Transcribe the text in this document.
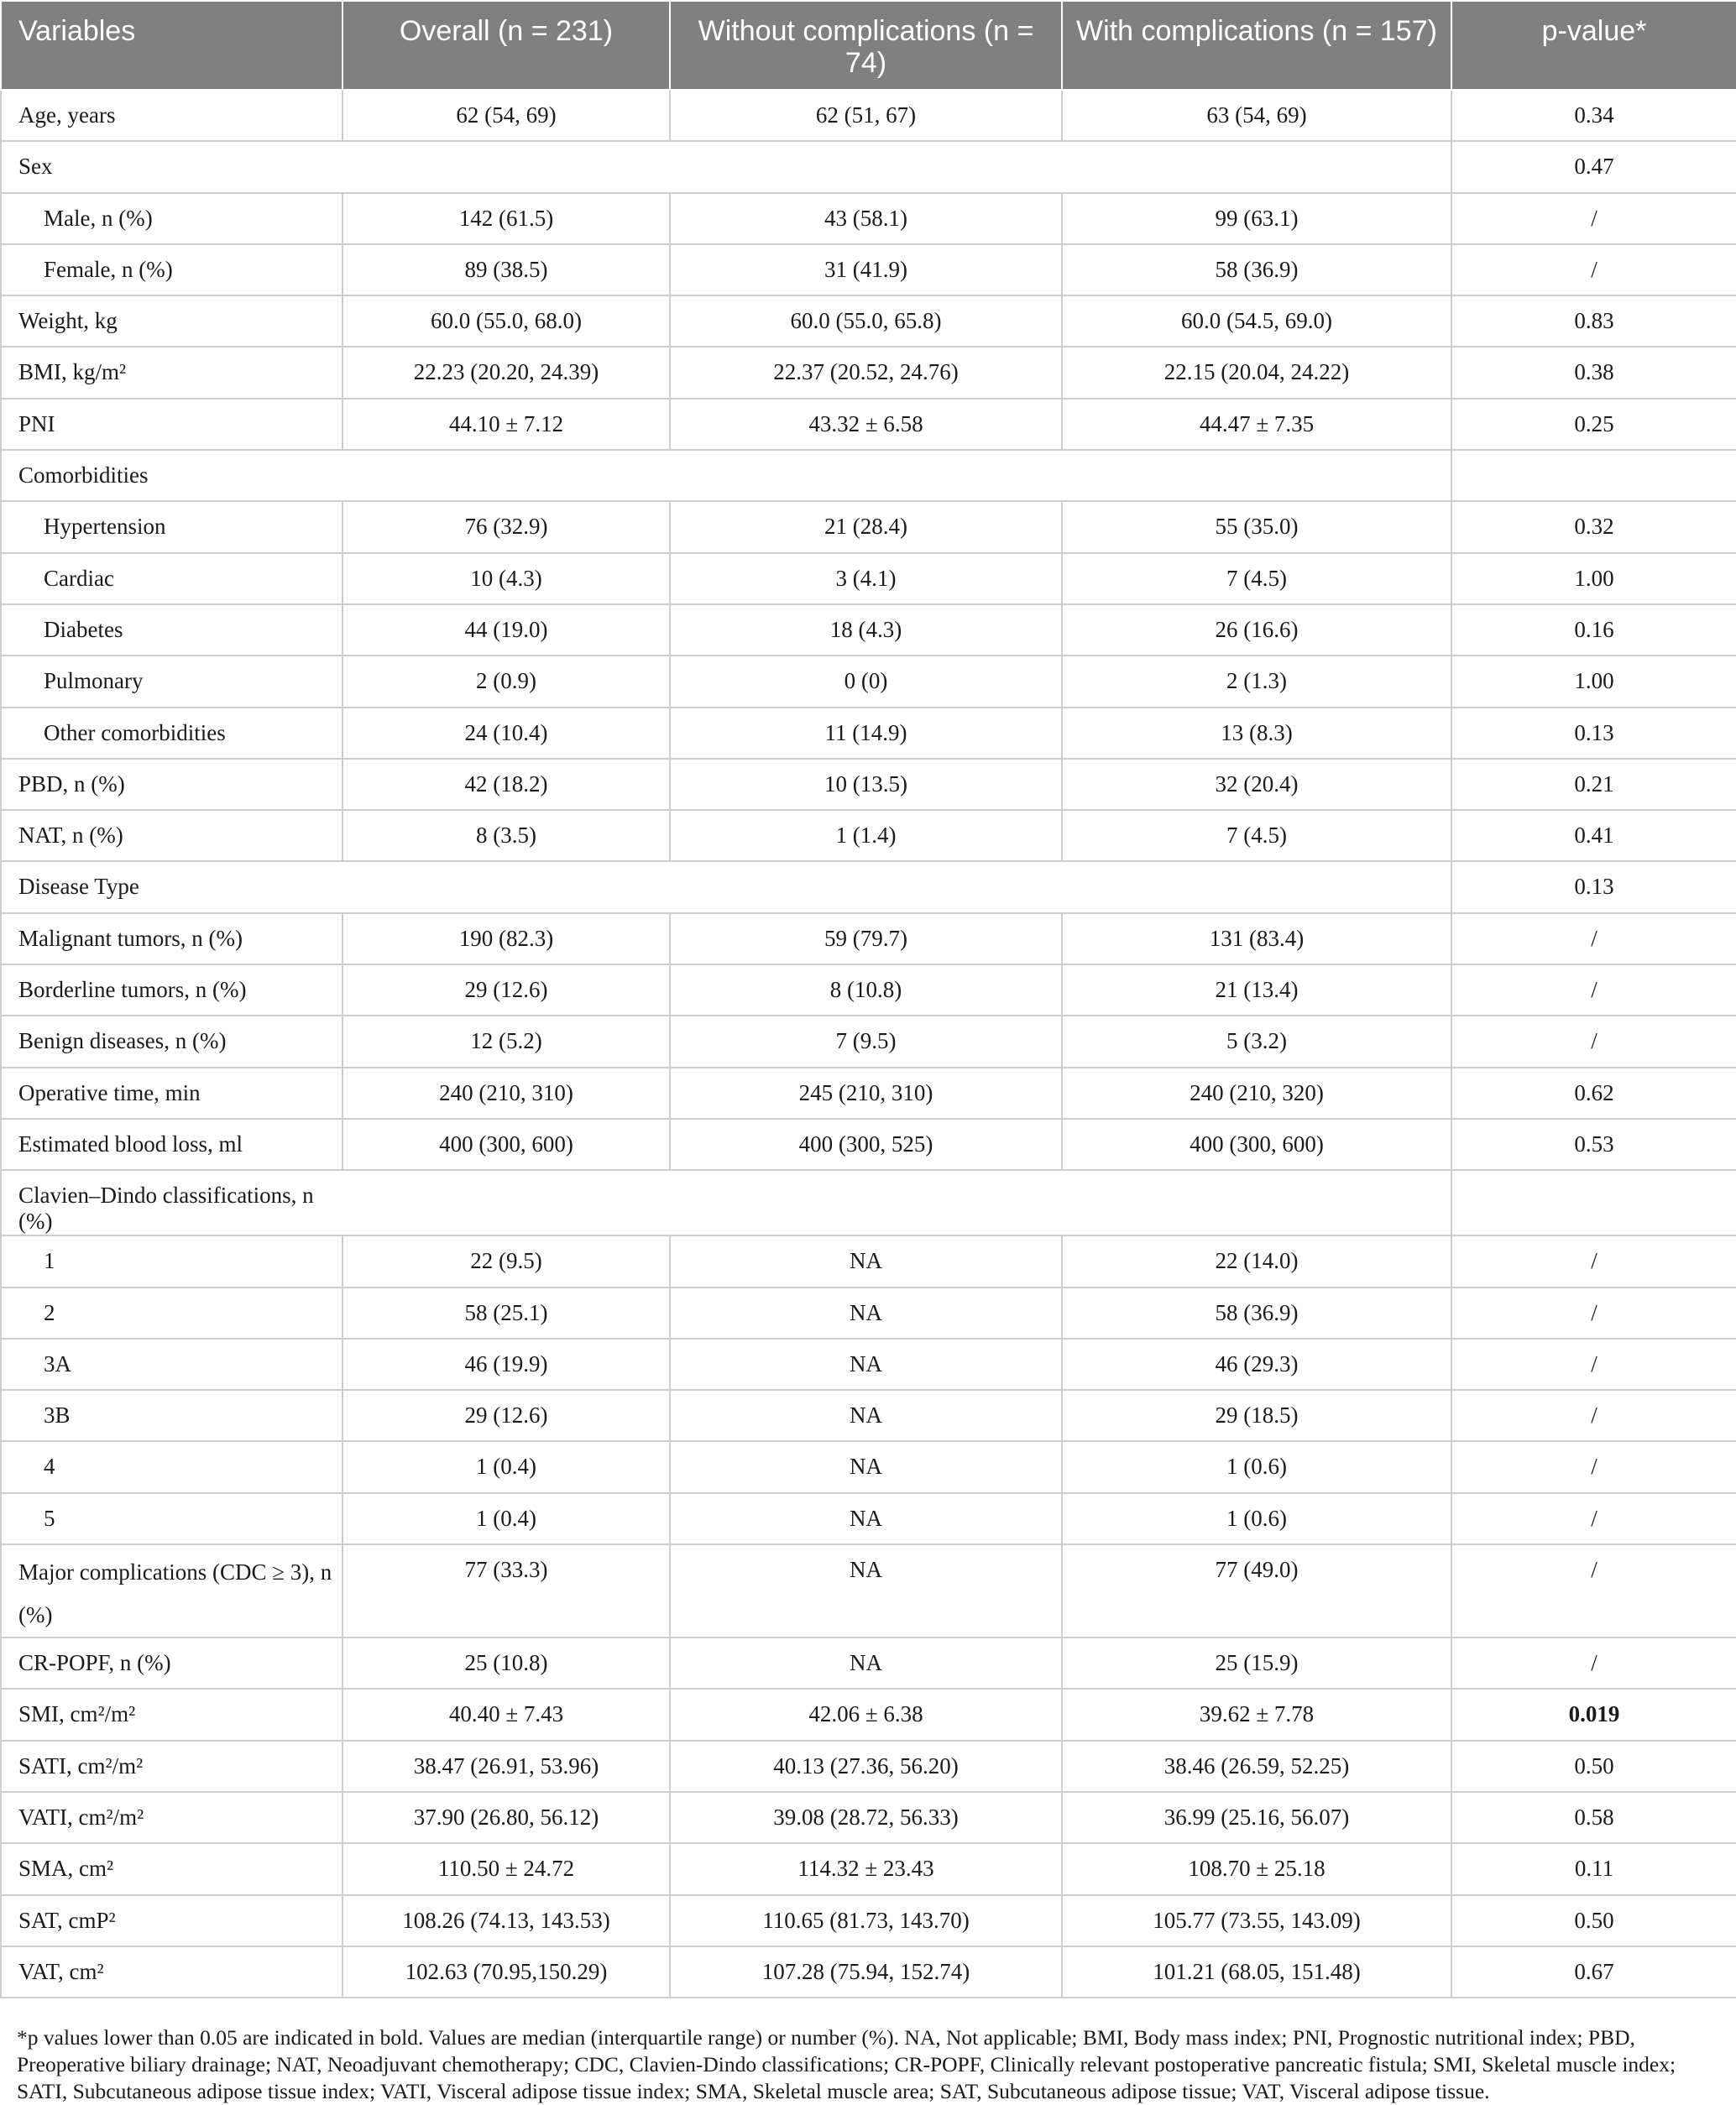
Variables	Overall (n = 231)	Without complications (n = 74)	With complications (n = 157)	p-value*
Age, years	62 (54, 69)	62 (51, 67)	63 (54, 69)	0.34
Sex				0.47
Male, n (%)	142 (61.5)	43 (58.1)	99 (63.1)	/
Female, n (%)	89 (38.5)	31 (41.9)	58 (36.9)	/
Weight, kg	60.0 (55.0, 68.0)	60.0 (55.0, 65.8)	60.0 (54.5, 69.0)	0.83
BMI, kg/m²	22.23 (20.20, 24.39)	22.37 (20.52, 24.76)	22.15 (20.04, 24.22)	0.38
PNI	44.10 ± 7.12	43.32 ± 6.58	44.47 ± 7.35	0.25
Comorbidities				
Hypertension	76 (32.9)	21 (28.4)	55 (35.0)	0.32
Cardiac	10 (4.3)	3 (4.1)	7 (4.5)	1.00
Diabetes	44 (19.0)	18 (4.3)	26 (16.6)	0.16
Pulmonary	2 (0.9)	0 (0)	2 (1.3)	1.00
Other comorbidities	24 (10.4)	11 (14.9)	13 (8.3)	0.13
PBD, n (%)	42 (18.2)	10 (13.5)	32 (20.4)	0.21
NAT, n (%)	8 (3.5)	1 (1.4)	7 (4.5)	0.41
Disease Type				0.13
Malignant tumors, n (%)	190 (82.3)	59 (79.7)	131 (83.4)	/
Borderline tumors, n (%)	29 (12.6)	8 (10.8)	21 (13.4)	/
Benign diseases, n (%)	12 (5.2)	7 (9.5)	5 (3.2)	/
Operative time, min	240 (210, 310)	245 (210, 310)	240 (210, 320)	0.62
Estimated blood loss, ml	400 (300, 600)	400 (300, 525)	400 (300, 600)	0.53
Clavien–Dindo classifications, n (%)				
1	22 (9.5)	NA	22 (14.0)	/
2	58 (25.1)	NA	58 (36.9)	/
3A	46 (19.9)	NA	46 (29.3)	/
3B	29 (12.6)	NA	29 (18.5)	/
4	1 (0.4)	NA	1 (0.6)	/
5	1 (0.4)	NA	1 (0.6)	/
Major complications (CDC ≥ 3), n (%)	77 (33.3)	NA	77 (49.0)	/
CR-POPF, n (%)	25 (10.8)	NA	25 (15.9)	/
SMI, cm²/m²	40.40 ± 7.43	42.06 ± 6.38	39.62 ± 7.78	0.019
SATI, cm²/m²	38.47 (26.91, 53.96)	40.13 (27.36, 56.20)	38.46 (26.59, 52.25)	0.50
VATI, cm²/m²	37.90 (26.80, 56.12)	39.08 (28.72, 56.33)	36.99 (25.16, 56.07)	0.58
SMA, cm²	110.50 ± 24.72	114.32 ± 23.43	108.70 ± 25.18	0.11
SAT, cmP²	108.26 (74.13, 143.53)	110.65 (81.73, 143.70)	105.77 (73.55, 143.09)	0.50
VAT, cm²	102.63 (70.95,150.29)	107.28 (75.94, 152.74)	101.21 (68.05, 151.48)	0.67
*p values lower than 0.05 are indicated in bold. Values are median (interquartile range) or number (%). NA, Not applicable; BMI, Body mass index; PNI, Prognostic nutritional index; PBD, Preoperative biliary drainage; NAT, Neoadjuvant chemotherapy; CDC, Clavien-Dindo classifications; CR-POPF, Clinically relevant postoperative pancreatic fistula; SMI, Skeletal muscle index; SATI, Subcutaneous adipose tissue index; VATI, Visceral adipose tissue index; SMA, Skeletal muscle area; SAT, Subcutaneous adipose tissue; VAT, Visceral adipose tissue.
